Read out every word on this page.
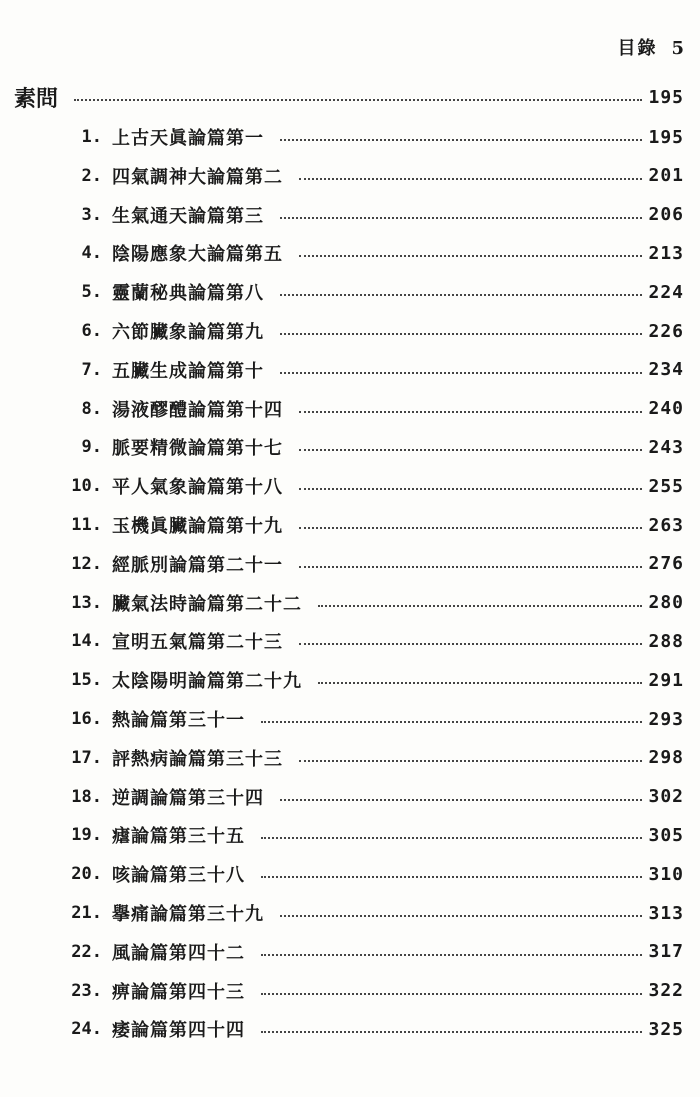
目錄 5
素問	195
1. 上古天眞論篇第一	195
2. 四氣調神大論篇第二	201
3. 生氣通天論篇第三	206
4. 陰陽應象大論篇第五	213
5. 靈蘭秘典論篇第八	224
6. 六節臟象論篇第九	226
7. 五臟生成論篇第十	234
8. 湯液醪醴論篇第十四	240
9. 脈要精微論篇第十七	243
10. 平人氣象論篇第十八	255
11. 玉機眞臟論篇第十九	263
12. 經脈別論篇第二十一	276
13. 臟氣法時論篇第二十二	280
14. 宣明五氣篇第二十三	288
15. 太陰陽明論篇第二十九	291
16. 熱論篇第三十一	293
17. 評熱病論篇第三十三	298
18. 逆調論篇第三十四	302
19. 瘧論篇第三十五	305
20. 咳論篇第三十八	310
21. 擧痛論篇第三十九	313
22. 風論篇第四十二	317
23. 痹論篇第四十三	322
24. 痿論篇第四十四	325
